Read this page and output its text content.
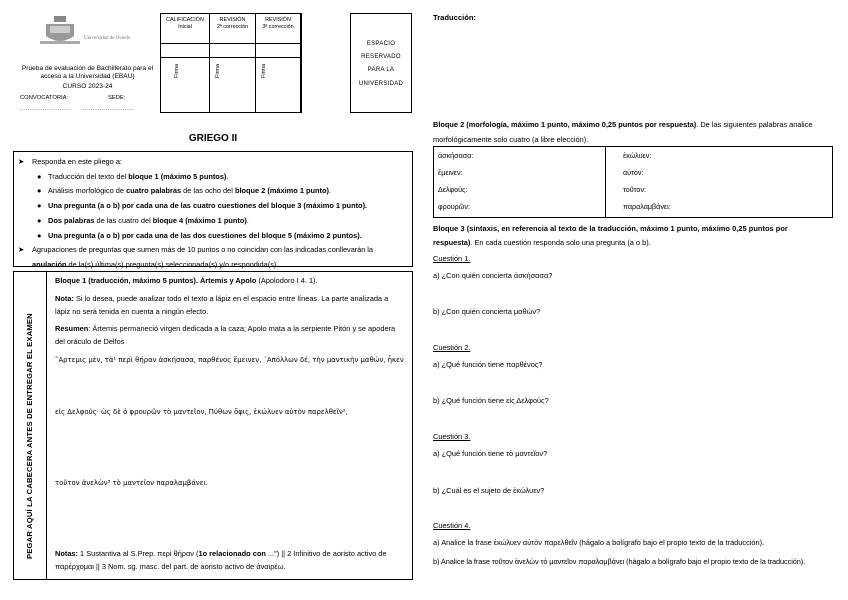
Universidad de Oviedo
Prueba de evaluación de Bachillerato para el
acceso a la Universidad (EBAU)
CURSO 2023-24
CONVOCATORIA:	SEDE:
........................... ...........................
CALIFICACIÓN
Inicial
Firma
REVISIÓN
2ª corrección
Firma
REVISIÓN
3ª corrección
Firma
ESPACIO
RESERVADO
PARA LA
UNIVERSIDAD
GRIEGO II
➤ Responda en este pliego a:
● Traducción del texto del bloque 1 (máximo 5 puntos).
● Análisis morfológico de cuatro palabras de las ocho del bloque 2 (máximo 1 punto).
● Una pregunta (a o b) por cada una de las cuatro cuestiones del bloque 3 (máximo 1 punto).
● Dos palabras de las cuatro del bloque 4 (máximo 1 punto).
● Una pregunta (a o b) por cada una de las dos cuestiones del bloque 5 (máximo 2 puntos).
➤ Agrupaciones de preguntas que sumen más de 10 puntos o no coincidan con las indicadas conllevarán la
anulación de la(s) última(s) pregunta(s) seleccionada(s) y/o respondida(s).
PEGAR AQUÍ LA CABECERA ANTES DE ENTREGAR EL EXAMEN
Bloque 1 (traducción, máximo 5 puntos). Ártemis y Apolo (Apolodoro I 4. 1).
Nota: Si lo desea, puede analizar todo el texto a lápiz en el espacio entre líneas. La parte analizada a
lápiz no será tenida en cuenta a ningún efecto.
Resumen: Ártemis permaneció virgen dedicada a la caza; Apolo mata a la serpiente Pitón y se apodera
del oráculo de Delfos
῎Αρτεμις μὲν, τὰ¹ περὶ θήραν ἀσκήσασα, παρθένος ἔμεινεν, ᾿Απόλλων δέ, τὴν μαντικὴν μαθών, ἧκεν
εἰς Δελφούς· ὡς δὲ ὁ φρουρῶν τὸ μαντεῖον, Πύθων ὄφις, ἐκώλυεν αὐτὸν παρελθεῖν²,
τοῦτον ἀνελὼν³ τὸ μαντεῖον παραλαμβάνει.
Notas: 1 Sustantiva al S.Prep. περὶ θήραν (1o relacionado con ...") || 2 Infinitivo de aoristo activo de
παρέρχομαι || 3 Nom. sg. masc. del part. de aoristo activo de ἀναιρέω.
Traducción:
Bloque 2 (morfología, máximo 1 punto, máximo 0,25 puntos por respuesta). De las siguientes palabras analice
morfológicamente solo cuatro (a libre elección).
ἀσκήσασα:
ἔμεινεν:
Δελφούς:
φρουρῶν:
ἐκώλυεν:
αὐτόν:
τοῦτον:
παραλαμβάνει:
Bloque 3 (sintaxis, en referencia al texto de la traducción, máximo 1 punto, máximo 0,25 puntos por
respuesta). En cada cuestión responda solo una pregunta (a o b).
Cuestión 1.
a) ¿Con quién concierta ἀσκήσασα?
b) ¿Con quién concierta μαθών?
Cuestión 2.
a) ¿Qué función tiene παρθένος?
b) ¿Qué función tiene εἰς Δελφούς?
Cuestión 3.
a) ¿Qué función tiene τὸ μαντεῖον?
b) ¿Cuál es el sujeto de ἐκώλυεν?
Cuestión 4.
a) Analice la frase ἐκώλυεν αὐτὸν παρελθεῖν (hágalo a bolígrafo bajo el propio texto de la traducción).
b) Analice la frase τοῦτον ἀνελὼν τὸ μαντεῖον παραλαμβάνει (hágalo a bolígrafo bajo el propio texto de la traducción).
